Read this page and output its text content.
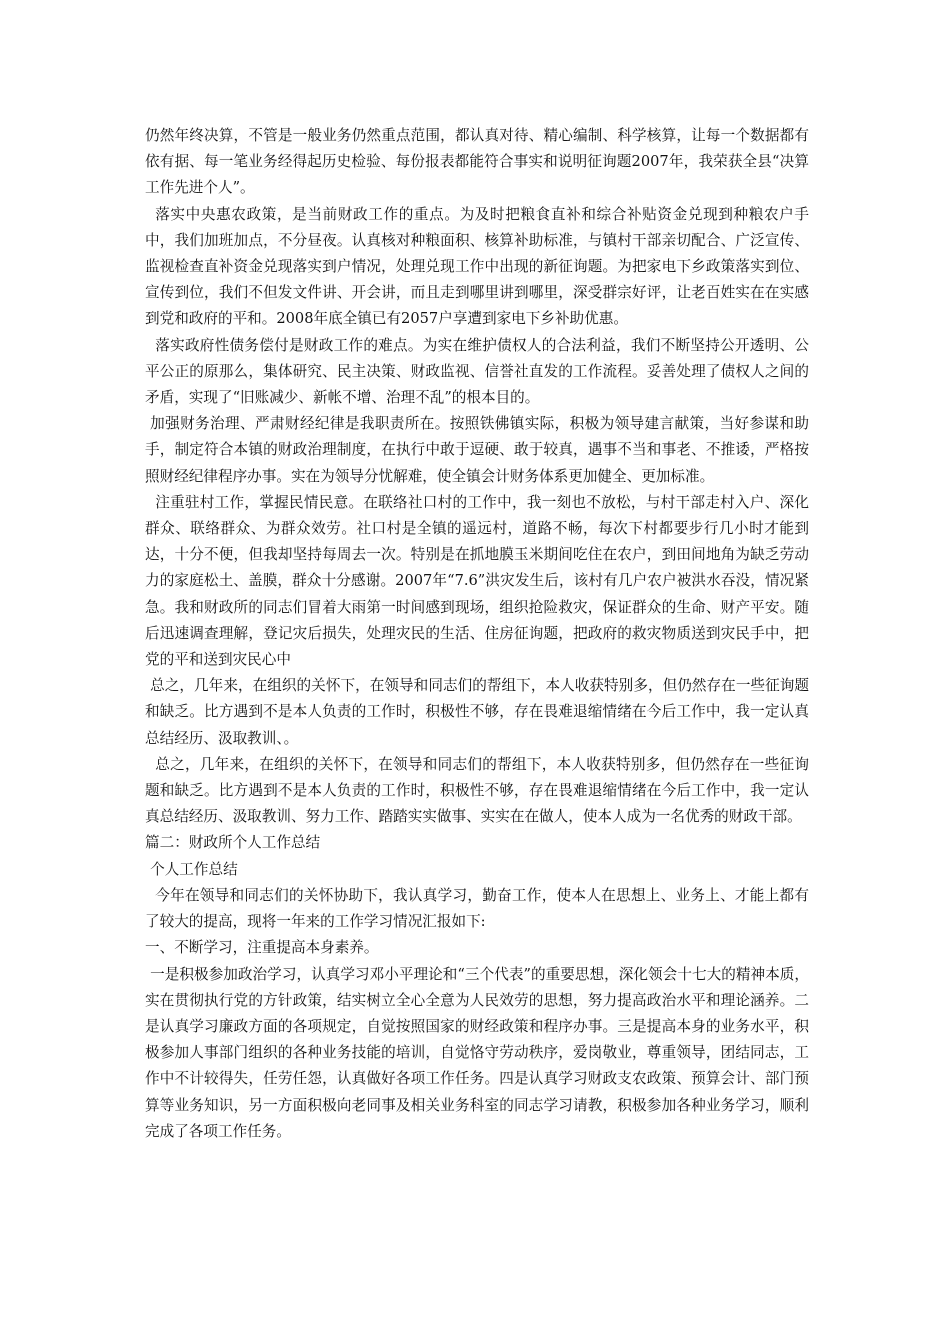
仍然年终决算，不管是一般业务仍然重点范围，都认真对待、精心编制、科学核算，让每一个数据都有依有据、每一笔业务经得起历史检验、每份报表都能符合事实和说明征询题2007年，我荣获全县“决算工作先进个人”。

落实中央惠农政策，是当前财政工作的重点。为及时把粮食直补和综合补贴资金兑现到种粮农户手中，我们加班加点，不分昼夜。认真核对种粮面积、核算补助标准，与镇村干部亲切配合、广泛宣传、监视检查直补资金兑现落实到户情况，处理兑现工作中出现的新征询题。为把家电下乡政策落实到位、宣传到位，我们不但发文件讲、开会讲，而且走到哪里讲到哪里，深受群宗好评，让老百姓实在在实感到党和政府的平和。2008年底全镇已有2057户享遭到家电下乡补助优惠。

落实政府性债务偿付是财政工作的难点。为实在维护债权人的合法利益，我们不断坚持公开透明、公平公正的原那么，集体研究、民主决策、财政监视、信誉社直发的工作流程。妥善处理了债权人之间的矛盾，实现了“旧账减少、新帐不增、治理不乱”的根本目的。

加强财务治理、严肃财经纪律是我职责所在。按照铁佛镇实际，积极为领导建言献策，当好参谋和助手，制定符合本镇的财政治理制度，在执行中敢于逗硬、敢于较真，遇事不当和事老、不推诿，严格按照财经纪律程序办事。实在为领导分忧解难，使全镇会计财务体系更加健全、更加标准。

注重驻村工作，掌握民情民意。在联络社口村的工作中，我一刻也不放松，与村干部走村入户、深化群众、联络群众、为群众效劳。社口村是全镇的遥远村，道路不畅，每次下村都要步行几小时才能到达，十分不便，但我却坚持每周去一次。特别是在抓地膜玉米期间吃住在农户，到田间地角为缺乏劳动力的家庭松土、盖膜，群众十分感谢。2007年“7.6”洪灾发生后，该村有几户农户被洪水吞没，情况紧急。我和财政所的同志们冒着大雨第一时间感到现场，组织抢险救灾，保证群众的生命、财产平安。随后迅速调查理解，登记灾后损失，处理灾民的生活、住房征询题，把政府的救灾物质送到灾民手中，把党的平和送到灾民心中

总之，几年来，在组织的关怀下，在领导和同志们的帮组下，本人收获特别多，但仍然存在一些征询题和缺乏。比方遇到不是本人负责的工作时，积极性不够，存在畏难退缩情绪在今后工作中，我一定认真总结经历、汲取教训、。

总之，几年来，在组织的关怀下，在领导和同志们的帮组下，本人收获特别多，但仍然存在一些征询题和缺乏。比方遇到不是本人负责的工作时，积极性不够，存在畏难退缩情绪在今后工作中，我一定认真总结经历、汲取教训、努力工作、踏踏实实做事、实实在在做人，使本人成为一名优秀的财政干部。

篇二：财政所个人工作总结

个人工作总结

今年在领导和同志们的关怀协助下，我认真学习，勤奋工作，使本人在思想上、业务上、才能上都有了较大的提高，现将一年来的工作学习情况汇报如下:

一、不断学习，注重提高本身素养。

一是积极参加政治学习，认真学习邓小平理论和“三个代表”的重要思想，深化领会十七大的精神本质，实在贯彻执行党的方针政策，结实树立全心全意为人民效劳的思想，努力提高政治水平和理论涵养。二是认真学习廉政方面的各项规定，自觉按照国家的财经政策和程序办事。三是提高本身的业务水平，积极参加人事部门组织的各种业务技能的培训，自觉恪守劳动秩序，爱岗敬业，尊重领导，团结同志，工作中不计较得失，任劳任怨，认真做好各项工作任务。四是认真学习财政支农政策、预算会计、部门预算等业务知识，另一方面积极向老同事及相关业务科室的同志学习请教，积极参加各种业务学习，顺利完成了各项工作任务。
